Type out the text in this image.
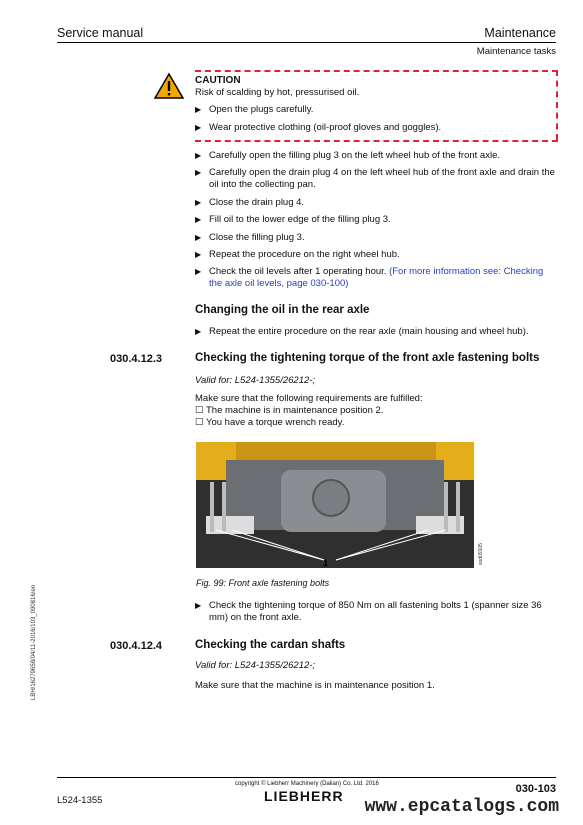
Service manual	Maintenance
Maintenance tasks
CAUTION
Risk of scalding by hot, pressurised oil.
▶ Open the plugs carefully.
▶ Wear protective clothing (oil-proof gloves and goggles).
▶ Carefully open the filling plug 3 on the left wheel hub of the front axle.
▶ Carefully open the drain plug 4 on the left wheel hub of the front axle and drain the oil into the collecting pan.
▶ Close the drain plug 4.
▶ Fill oil to the lower edge of the filling plug 3.
▶ Close the filling plug 3.
▶ Repeat the procedure on the right wheel hub.
▶ Check the oil levels after 1 operating hour. (For more information see: Checking the axle oil levels, page 030-100)
Changing the oil in the rear axle
▶ Repeat the entire procedure on the rear axle (main housing and wheel hub).
030.4.12.3	Checking the tightening torque of the front axle fastening bolts
Valid for: L524-1355/26212-;
Make sure that the following requirements are fulfilled:
☐ The machine is in maintenance position 2.
☐ You have a torque wrench ready.
1	sod09105
Fig. 99: Front axle fastening bolts
▶ Check the tightening torque of 850 Nm on all fastening bolts 1 (spanner size 36 mm) on the front axle.
030.4.12.4	Checking the cardan shafts
Valid for: L524-1355/26212-;
Make sure that the machine is in maintenance position 1.
LBH/16279658/04/11-2016/103_090816/en
copyright © Liebherr Machinery (Dalian) Co. Ltd. 2016
LIEBHERR
L524-1355
030-103
www.epcatalogs.com
